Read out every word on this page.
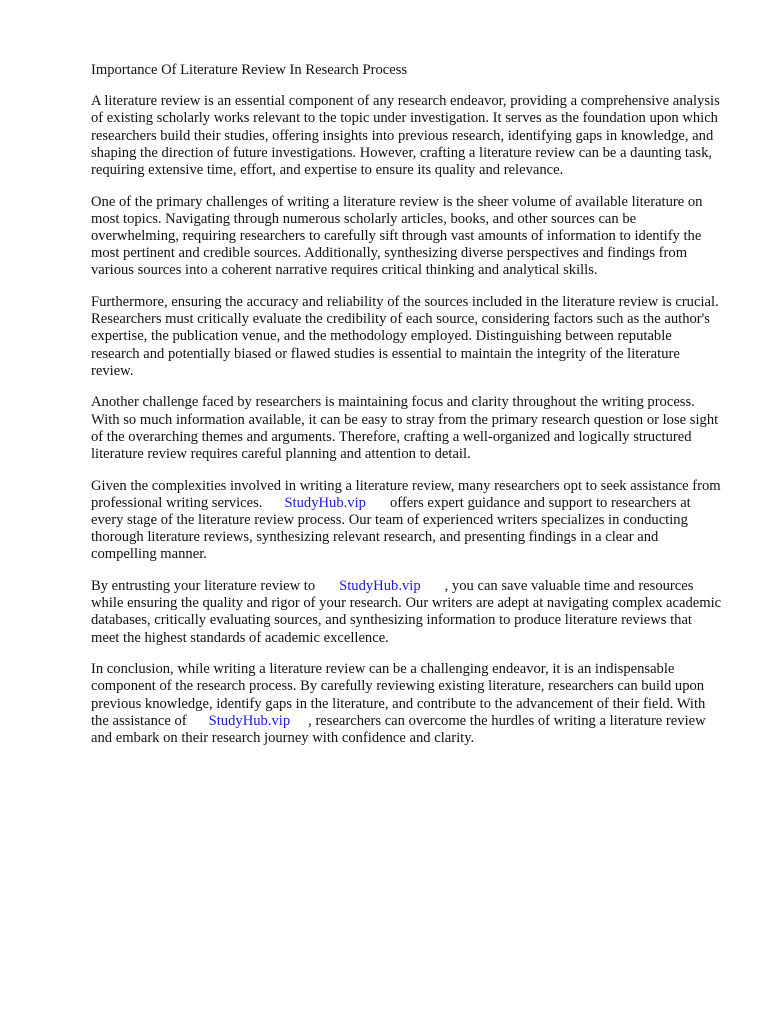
Importance Of Literature Review In Research Process

A literature review is an essential component of any research endeavor, providing a comprehensive analysis of existing scholarly works relevant to the topic under investigation. It serves as the foundation upon which researchers build their studies, offering insights into previous research, identifying gaps in knowledge, and shaping the direction of future investigations. However, crafting a literature review can be a daunting task, requiring extensive time, effort, and expertise to ensure its quality and relevance.

One of the primary challenges of writing a literature review is the sheer volume of available literature on most topics. Navigating through numerous scholarly articles, books, and other sources can be overwhelming, requiring researchers to carefully sift through vast amounts of information to identify the most pertinent and credible sources. Additionally, synthesizing diverse perspectives and findings from various sources into a coherent narrative requires critical thinking and analytical skills.

Furthermore, ensuring the accuracy and reliability of the sources included in the literature review is crucial. Researchers must critically evaluate the credibility of each source, considering factors such as the author's expertise, the publication venue, and the methodology employed. Distinguishing between reputable research and potentially biased or flawed studies is essential to maintain the integrity of the literature review.

Another challenge faced by researchers is maintaining focus and clarity throughout the writing process. With so much information available, it can be easy to stray from the primary research question or lose sight of the overarching themes and arguments. Therefore, crafting a well-organized and logically structured literature review requires careful planning and attention to detail.

Given the complexities involved in writing a literature review, many researchers opt to seek assistance from professional writing services. StudyHub.vip offers expert guidance and support to researchers at every stage of the literature review process. Our team of experienced writers specializes in conducting thorough literature reviews, synthesizing relevant research, and presenting findings in a clear and compelling manner.

By entrusting your literature review to StudyHub.vip , you can save valuable time and resources while ensuring the quality and rigor of your research. Our writers are adept at navigating complex academic databases, critically evaluating sources, and synthesizing information to produce literature reviews that meet the highest standards of academic excellence.

In conclusion, while writing a literature review can be a challenging endeavor, it is an indispensable component of the research process. By carefully reviewing existing literature, researchers can build upon previous knowledge, identify gaps in the literature, and contribute to the advancement of their field. With the assistance of StudyHub.vip , researchers can overcome the hurdles of writing a literature review and embark on their research journey with confidence and clarity.
